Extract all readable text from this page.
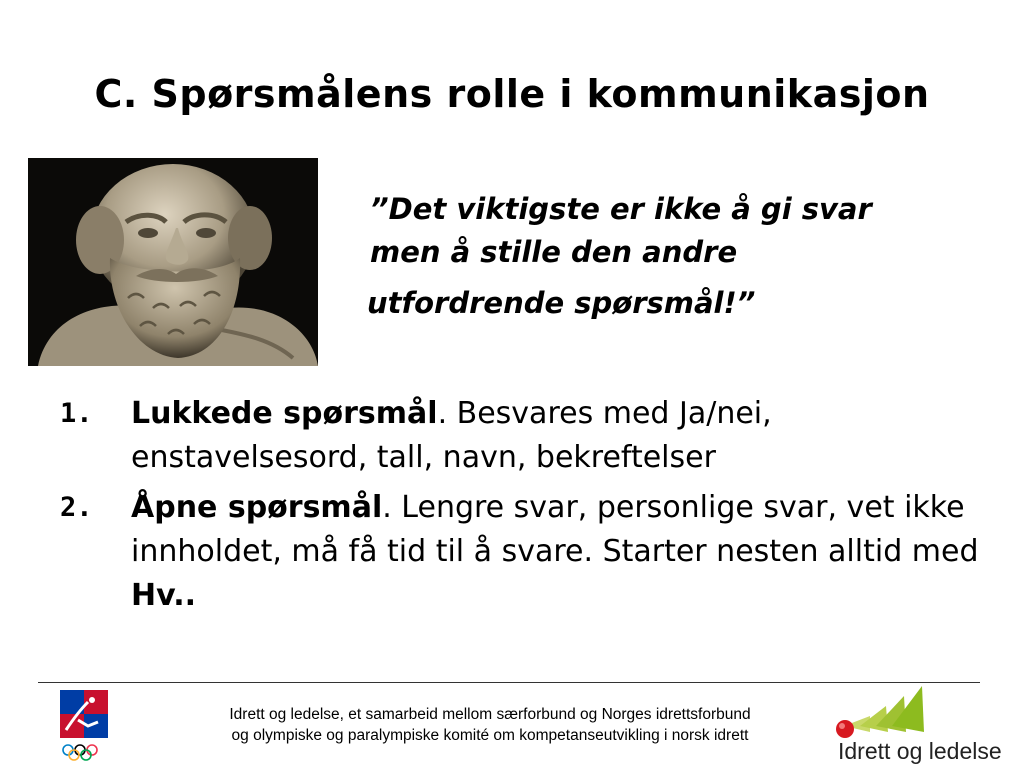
C. Spørsmålens rolle i kommunikasjon
”Det viktigste er ikke å gi svar
men å stille den andre
utfordrende spørsmål!”
1. Lukkede spørsmål. Besvares med Ja/nei, enstavelsesord, tall, navn, bekreftelser
2. Åpne spørsmål. Lengre svar, personlige svar, vet ikke innholdet, må få tid til å svare. Starter nesten alltid med Hv..
Idrett og ledelse, et samarbeid mellom særforbund og Norges idrettsforbund
og olympiske og paralympiske komité om kompetanseutvikling i norsk idrett
Idrett og ledelse
